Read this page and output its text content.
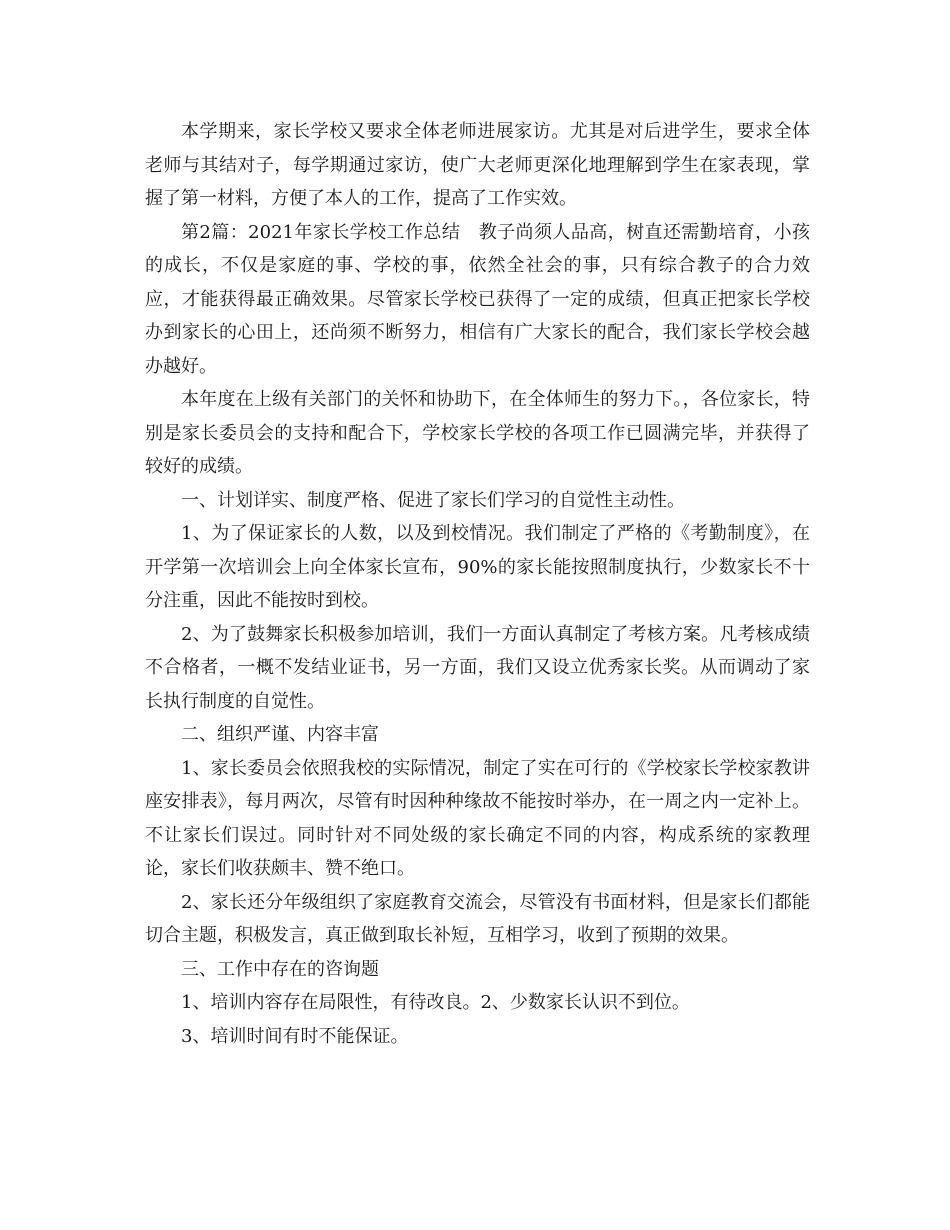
本学期来，家长学校又要求全体老师进展家访。尤其是对后进学生，要求全体老师与其结对子，每学期通过家访，使广大老师更深化地理解到学生在家表现，掌握了第一材料，方便了本人的工作，提高了工作实效。

第2篇：2021年家长学校工作总结　教子尚须人品高，树直还需勤培育，小孩的成长，不仅是家庭的事、学校的事，依然全社会的事，只有综合教子的合力效应，才能获得最正确效果。尽管家长学校已获得了一定的成绩，但真正把家长学校办到家长的心田上，还尚须不断努力，相信有广大家长的配合，我们家长学校会越办越好。

本年度在上级有关部门的关怀和协助下，在全体师生的努力下。，各位家长，特别是家长委员会的支持和配合下，学校家长学校的各项工作已圆满完毕，并获得了较好的成绩。

一、计划详实、制度严格、促进了家长们学习的自觉性主动性。

1、为了保证家长的人数，以及到校情况。我们制定了严格的《考勤制度》，在开学第一次培训会上向全体家长宣布，90%的家长能按照制度执行，少数家长不十分注重，因此不能按时到校。

2、为了鼓舞家长积极参加培训，我们一方面认真制定了考核方案。凡考核成绩不合格者，一概不发结业证书，另一方面，我们又设立优秀家长奖。从而调动了家长执行制度的自觉性。

二、组织严谨、内容丰富

1、家长委员会依照我校的实际情况，制定了实在可行的《学校家长学校家教讲座安排表》，每月两次，尽管有时因种种缘故不能按时举办，在一周之内一定补上。不让家长们误过。同时针对不同处级的家长确定不同的内容，构成系统的家教理论，家长们收获颇丰、赞不绝口。

2、家长还分年级组织了家庭教育交流会，尽管没有书面材料，但是家长们都能切合主题，积极发言，真正做到取长补短，互相学习，收到了预期的效果。

三、工作中存在的咨询题

1、培训内容存在局限性，有待改良。2、少数家长认识不到位。

3、培训时间有时不能保证。
